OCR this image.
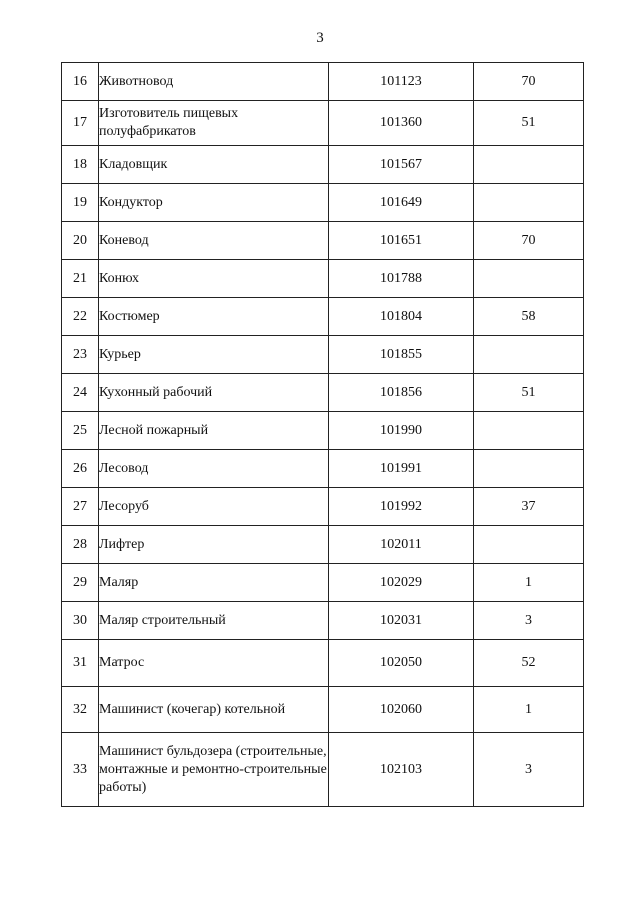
3
16	Животновод	101123	70
17	Изготовитель пищевых полуфабрикатов	101360	51
18	Кладовщик	101567	
19	Кондуктор	101649	
20	Коневод	101651	70
21	Конюх	101788	
22	Костюмер	101804	58
23	Курьер	101855	
24	Кухонный рабочий	101856	51
25	Лесной пожарный	101990	
26	Лесовод	101991	
27	Лесоруб	101992	37
28	Лифтер	102011	
29	Маляр	102029	1
30	Маляр строительный	102031	3
31	Матрос	102050	52
32	Машинист (кочегар) котельной	102060	1
33	Машинист бульдозера (строительные, монтажные и ремонтно-строительные работы)	102103	3
